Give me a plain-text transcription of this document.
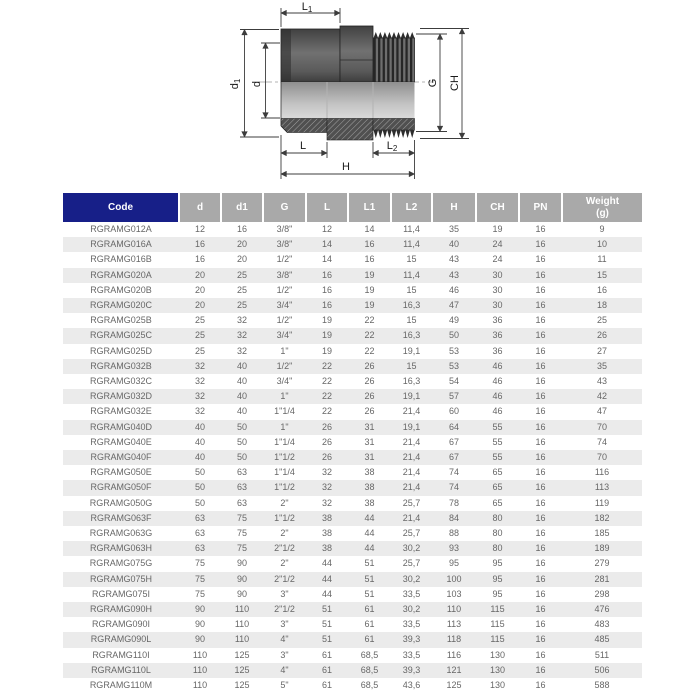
L1
d1 d	G CH
L	L2
H
Code	d	d1	G	L	L1	L2	H	CH	PN	Weight
(g)

RGRAMG012A	12	16	3/8"	12	14	11,4	35	19	16	9
RGRAMG016A	16	20	3/8"	14	16	11,4	40	24	16	10
RGRAMG016B	16	20	1/2"	14	16	15	43	24	16	11
RGRAMG020A	20	25	3/8"	16	19	11,4	43	30	16	15
RGRAMG020B	20	25	1/2"	16	19	15	46	30	16	16
RGRAMG020C	20	25	3/4"	16	19	16,3	47	30	16	18
RGRAMG025B	25	32	1/2"	19	22	15	49	36	16	25
RGRAMG025C	25	32	3/4"	19	22	16,3	50	36	16	26
RGRAMG025D	25	32	1"	19	22	19,1	53	36	16	27
RGRAMG032B	32	40	1/2"	22	26	15	53	46	16	35
RGRAMG032C	32	40	3/4"	22	26	16,3	54	46	16	43
RGRAMG032D	32	40	1"	22	26	19,1	57	46	16	42
RGRAMG032E	32	40	1"1/4	22	26	21,4	60	46	16	47
RGRAMG040D	40	50	1"	26	31	19,1	64	55	16	70
RGRAMG040E	40	50	1"1/4	26	31	21,4	67	55	16	74
RGRAMG040F	40	50	1"1/2	26	31	21,4	67	55	16	70
RGRAMG050E	50	63	1"1/4	32	38	21,4	74	65	16	116
RGRAMG050F	50	63	1"1/2	32	38	21,4	74	65	16	113
RGRAMG050G	50	63	2"	32	38	25,7	78	65	16	119
RGRAMG063F	63	75	1"1/2	38	44	21,4	84	80	16	182
RGRAMG063G	63	75	2"	38	44	25,7	88	80	16	185
RGRAMG063H	63	75	2"1/2	38	44	30,2	93	80	16	189
RGRAMG075G	75	90	2"	44	51	25,7	95	95	16	279
RGRAMG075H	75	90	2"1/2	44	51	30,2	100	95	16	281
RGRAMG075I	75	90	3"	44	51	33,5	103	95	16	298
RGRAMG090H	90	110	2"1/2	51	61	30,2	110	115	16	476
RGRAMG090I	90	110	3"	51	61	33,5	113	115	16	483
RGRAMG090L	90	110	4"	51	61	39,3	118	115	16	485
RGRAMG110I	110	125	3"	61	68,5	33,5	116	130	16	511
RGRAMG110L	110	125	4"	61	68,5	39,3	121	130	16	506
RGRAMG110M	110	125	5"	61	68,5	43,6	125	130	16	588
